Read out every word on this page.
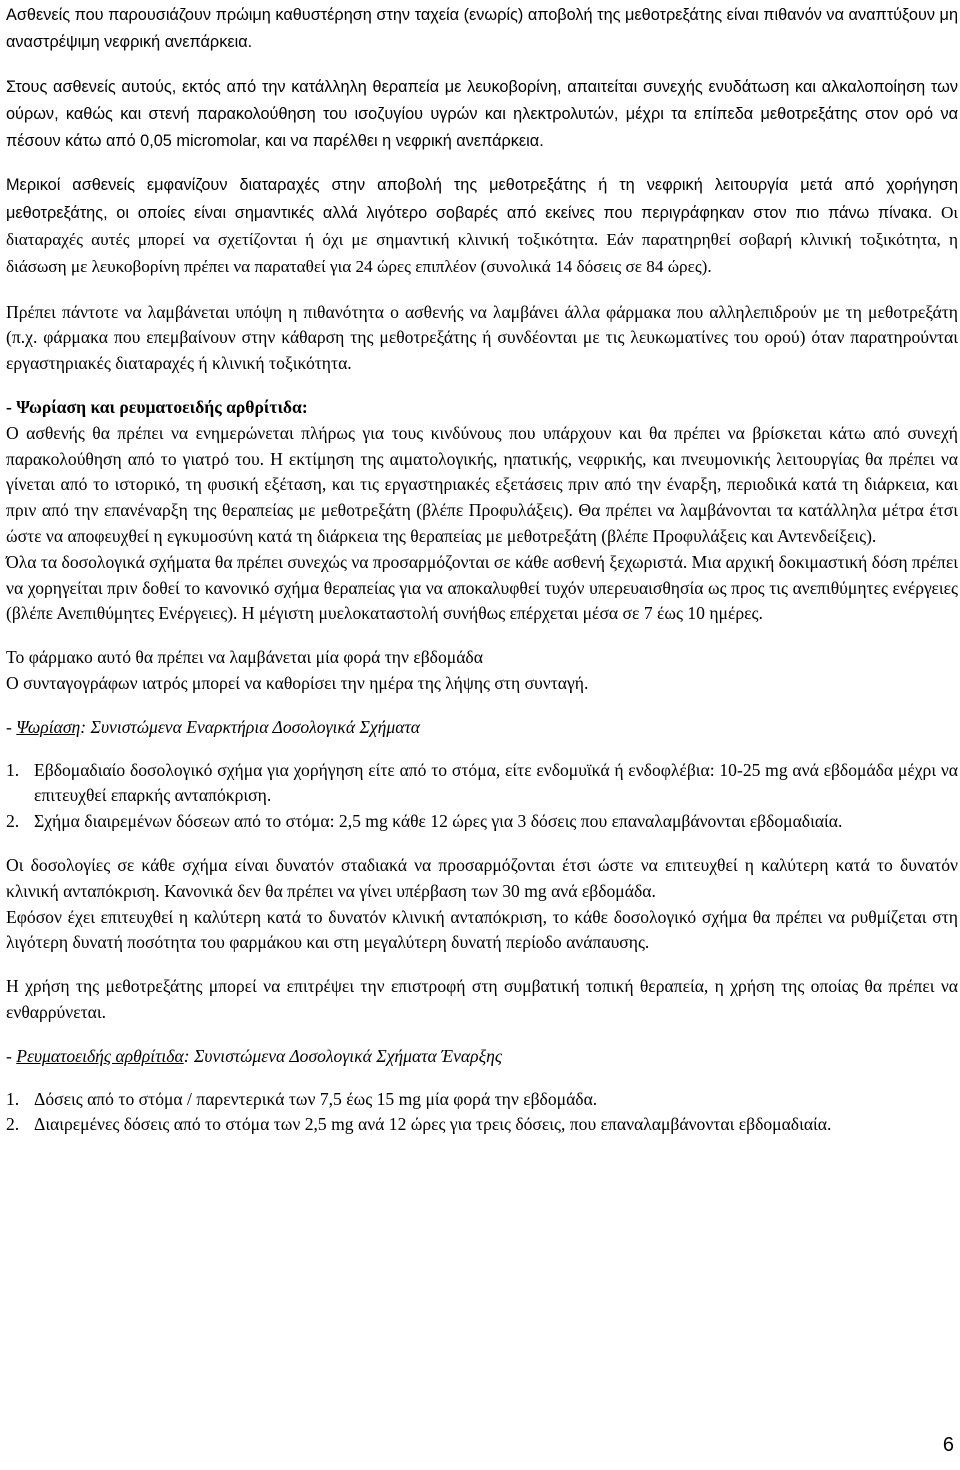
Ασθενείς που παρουσιάζουν πρώιμη καθυστέρηση στην ταχεία (ενωρίς) αποβολή της μεθοτρεξάτης είναι πιθανόν να αναπτύξουν μη αναστρέψιμη νεφρική ανεπάρκεια.

Στους ασθενείς αυτούς, εκτός από την κατάλληλη θεραπεία με λευκοβορίνη, απαιτείται συνεχής ενυδάτωση και αλκαλοποίηση των ούρων, καθώς και στενή παρακολούθηση του ισοζυγίου υγρών και ηλεκτρολυτών, μέχρι τα επίπεδα μεθοτρεξάτης στον ορό να πέσουν κάτω από 0,05 micromolar, και να παρέλθει η νεφρική ανεπάρκεια.

Μερικοί ασθενείς εμφανίζουν διαταραχές στην αποβολή της μεθοτρεξάτης ή τη νεφρική λειτουργία μετά από χορήγηση μεθοτρεξάτης, οι οποίες είναι σημαντικές αλλά λιγότερο σοβαρές από εκείνες που περιγράφηκαν στον πιο πάνω πίνακα. Οι διαταραχές αυτές μπορεί να σχετίζονται ή όχι με σημαντική κλινική τοξικότητα. Εάν παρατηρηθεί σοβαρή κλινική τοξικότητα, η διάσωση με λευκοβορίνη πρέπει να παραταθεί για 24 ώρες επιπλέον (συνολικά 14 δόσεις σε 84 ώρες).

Πρέπει πάντοτε να λαμβάνεται υπόψη η πιθανότητα ο ασθενής να λαμβάνει άλλα φάρμακα που αλληλεπιδρούν με τη μεθοτρεξάτη (π.χ. φάρμακα που επεμβαίνουν στην κάθαρση της μεθοτρεξάτης ή συνδέονται με τις λευκωματίνες του ορού) όταν παρατηρούνται εργαστηριακές διαταραχές ή κλινική τοξικότητα.

- Ψωρίαση και ρευματοειδής αρθρίτιδα:

Ο ασθενής θα πρέπει να ενημερώνεται πλήρως για τους κινδύνους που υπάρχουν και θα πρέπει να βρίσκεται κάτω από συνεχή παρακολούθηση από το γιατρό του. Η εκτίμηση της αιματολογικής, ηπατικής, νεφρικής, και πνευμονικής λειτουργίας θα πρέπει να γίνεται από το ιστορικό, τη φυσική εξέταση, και τις εργαστηριακές εξετάσεις πριν από την έναρξη, περιοδικά κατά τη διάρκεια, και πριν από την επανέναρξη της θεραπείας με μεθοτρεξάτη (βλέπε Προφυλάξεις). Θα πρέπει να λαμβάνονται τα κατάλληλα μέτρα έτσι ώστε να αποφευχθεί η εγκυμοσύνη κατά τη διάρκεια της θεραπείας με μεθοτρεξάτη (βλέπε Προφυλάξεις και Αντενδείξεις).

Όλα τα δοσολογικά σχήματα θα πρέπει συνεχώς να προσαρμόζονται σε κάθε ασθενή ξεχωριστά. Μια αρχική δοκιμαστική δόση πρέπει να χορηγείται πριν δοθεί το κανονικό σχήμα θεραπείας για να αποκαλυφθεί τυχόν υπερευαισθησία ως προς τις ανεπιθύμητες ενέργειες (βλέπε Ανεπιθύμητες Ενέργειες). Η μέγιστη μυελοκαταστολή συνήθως επέρχεται μέσα σε 7 έως 10 ημέρες.

Το φάρμακο αυτό θα πρέπει να λαμβάνεται μία φορά την εβδομάδα

Ο συνταγογράφων ιατρός μπορεί να καθορίσει την ημέρα της λήψης στη συνταγή.

- Ψωρίαση: Συνιστώμενα Εναρκτήρια Δοσολογικά Σχήματα

1. Εβδομαδιαίο δοσολογικό σχήμα για χορήγηση είτε από το στόμα, είτε ενδομυϊκά ή ενδοφλέβια: 10-25 mg ανά εβδομάδα μέχρι να επιτευχθεί επαρκής ανταπόκριση.
2. Σχήμα διαιρεμένων δόσεων από το στόμα: 2,5 mg κάθε 12 ώρες για 3 δόσεις που επαναλαμβάνονται εβδομαδιαία.

Οι δοσολογίες σε κάθε σχήμα είναι δυνατόν σταδιακά να προσαρμόζονται έτσι ώστε να επιτευχθεί η καλύτερη κατά το δυνατόν κλινική ανταπόκριση. Κανονικά δεν θα πρέπει να γίνει υπέρβαση των 30 mg ανά εβδομάδα.

Εφόσον έχει επιτευχθεί η καλύτερη κατά το δυνατόν κλινική ανταπόκριση, το κάθε δοσολογικό σχήμα θα πρέπει να ρυθμίζεται στη λιγότερη δυνατή ποσότητα του φαρμάκου και στη μεγαλύτερη δυνατή περίοδο ανάπαυσης.

Η χρήση της μεθοτρεξάτης μπορεί να επιτρέψει την επιστροφή στη συμβατική τοπική θεραπεία, η χρήση της οποίας θα πρέπει να ενθαρρύνεται.

- Ρευματοειδής αρθρίτιδα: Συνιστώμενα Δοσολογικά Σχήματα Έναρξης

1. Δόσεις από το στόμα / παρεντερικά των 7,5 έως 15 mg μία φορά την εβδομάδα.
2. Διαιρεμένες δόσεις από το στόμα των 2,5 mg ανά 12 ώρες για τρεις δόσεις, που επαναλαμβάνονται εβδομαδιαία.
6
